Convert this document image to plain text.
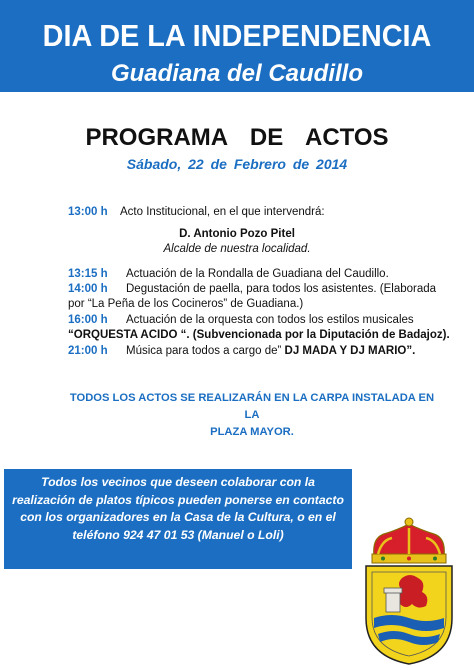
DIA DE LA INDEPENDENCIA
Guadiana del Caudillo
PROGRAMA DE ACTOS
Sábado, 22 de Febrero de 2014
13:00 h Acto Institucional, en el que intervendrá:
D. Antonio Pozo Pitel
Alcalde de nuestra localidad.
13:15 h Actuación de la Rondalla de Guadiana del Caudillo.
14:00 h Degustación de paella, para todos los asistentes. (Elaborada
por “La Peña de los Cocineros” de Guadiana.)
16:00 h Actuación de la orquesta con todos los estilos musicales
“ORQUESTA ACIDO “. (Subvencionada por la Diputación de Badajoz).
21:00 h Música para todos a cargo de” DJ MADA Y DJ MARIO”.
TODOS LOS ACTOS SE REALIZARÁN EN LA CARPA INSTALADA EN LA
PLAZA MAYOR.
Todos los vecinos que deseen colaborar con la
realización de platos típicos pueden ponerse en contacto
con los organizadores en la Casa de la Cultura, o en el
teléfono 924 47 01 53 (Manuel o Loli)
